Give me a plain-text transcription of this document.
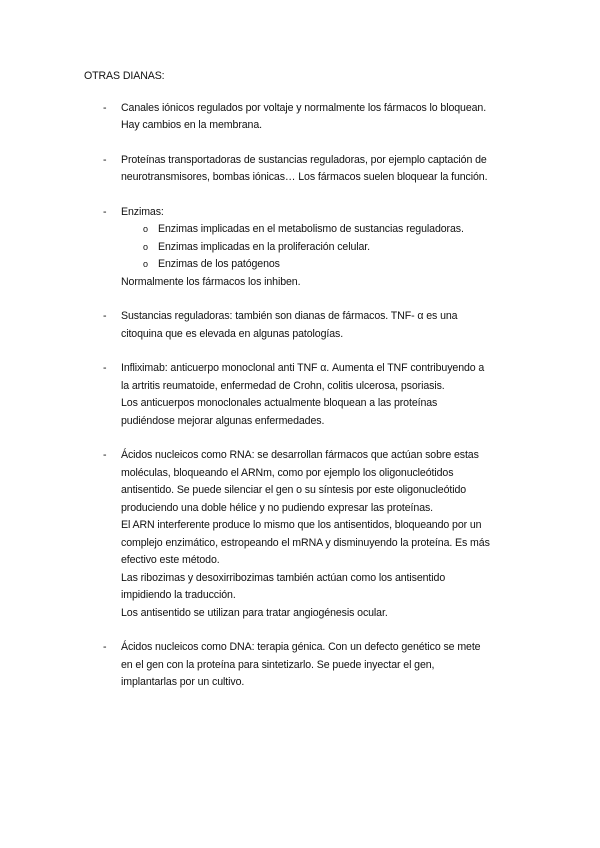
OTRAS DIANAS:
- Canales iónicos regulados por voltaje y normalmente los fármacos lo bloquean.
Hay cambios en la membrana.
- Proteínas transportadoras de sustancias reguladoras, por ejemplo captación de
neurotransmisores, bombas iónicas… Los fármacos suelen bloquear la función.
- Enzimas:
o Enzimas implicadas en el metabolismo de sustancias reguladoras.
o Enzimas implicadas en la proliferación celular.
o Enzimas de los patógenos
Normalmente los fármacos los inhiben.
- Sustancias reguladoras: también son dianas de fármacos. TNF- α es una
citoquina que es elevada en algunas patologías.
- Infliximab: anticuerpo monoclonal anti TNF α. Aumenta el TNF contribuyendo a
la artritis reumatoide, enfermedad de Crohn, colitis ulcerosa, psoriasis.
Los anticuerpos monoclonales actualmente bloquean a las proteínas
pudiéndose mejorar algunas enfermedades.
- Ácidos nucleicos como RNA: se desarrollan fármacos que actúan sobre estas
moléculas, bloqueando el ARNm, como por ejemplo los oligonucleótidos
antisentido. Se puede silenciar el gen o su síntesis por este oligonucleótido
produciendo una doble hélice y no pudiendo expresar las proteínas.
El ARN interferente produce lo mismo que los antisentidos, bloqueando por un
complejo enzimático, estropeando el mRNA y disminuyendo la proteína. Es más
efectivo este método.
Las ribozimas y desoxirribozimas también actúan como los antisentido
impidiendo la traducción.
Los antisentido se utilizan para tratar angiogénesis ocular.
- Ácidos nucleicos como DNA: terapia génica. Con un defecto genético se mete
en el gen con la proteína para sintetizarlo. Se puede inyectar el gen,
implantarlas por un cultivo.
